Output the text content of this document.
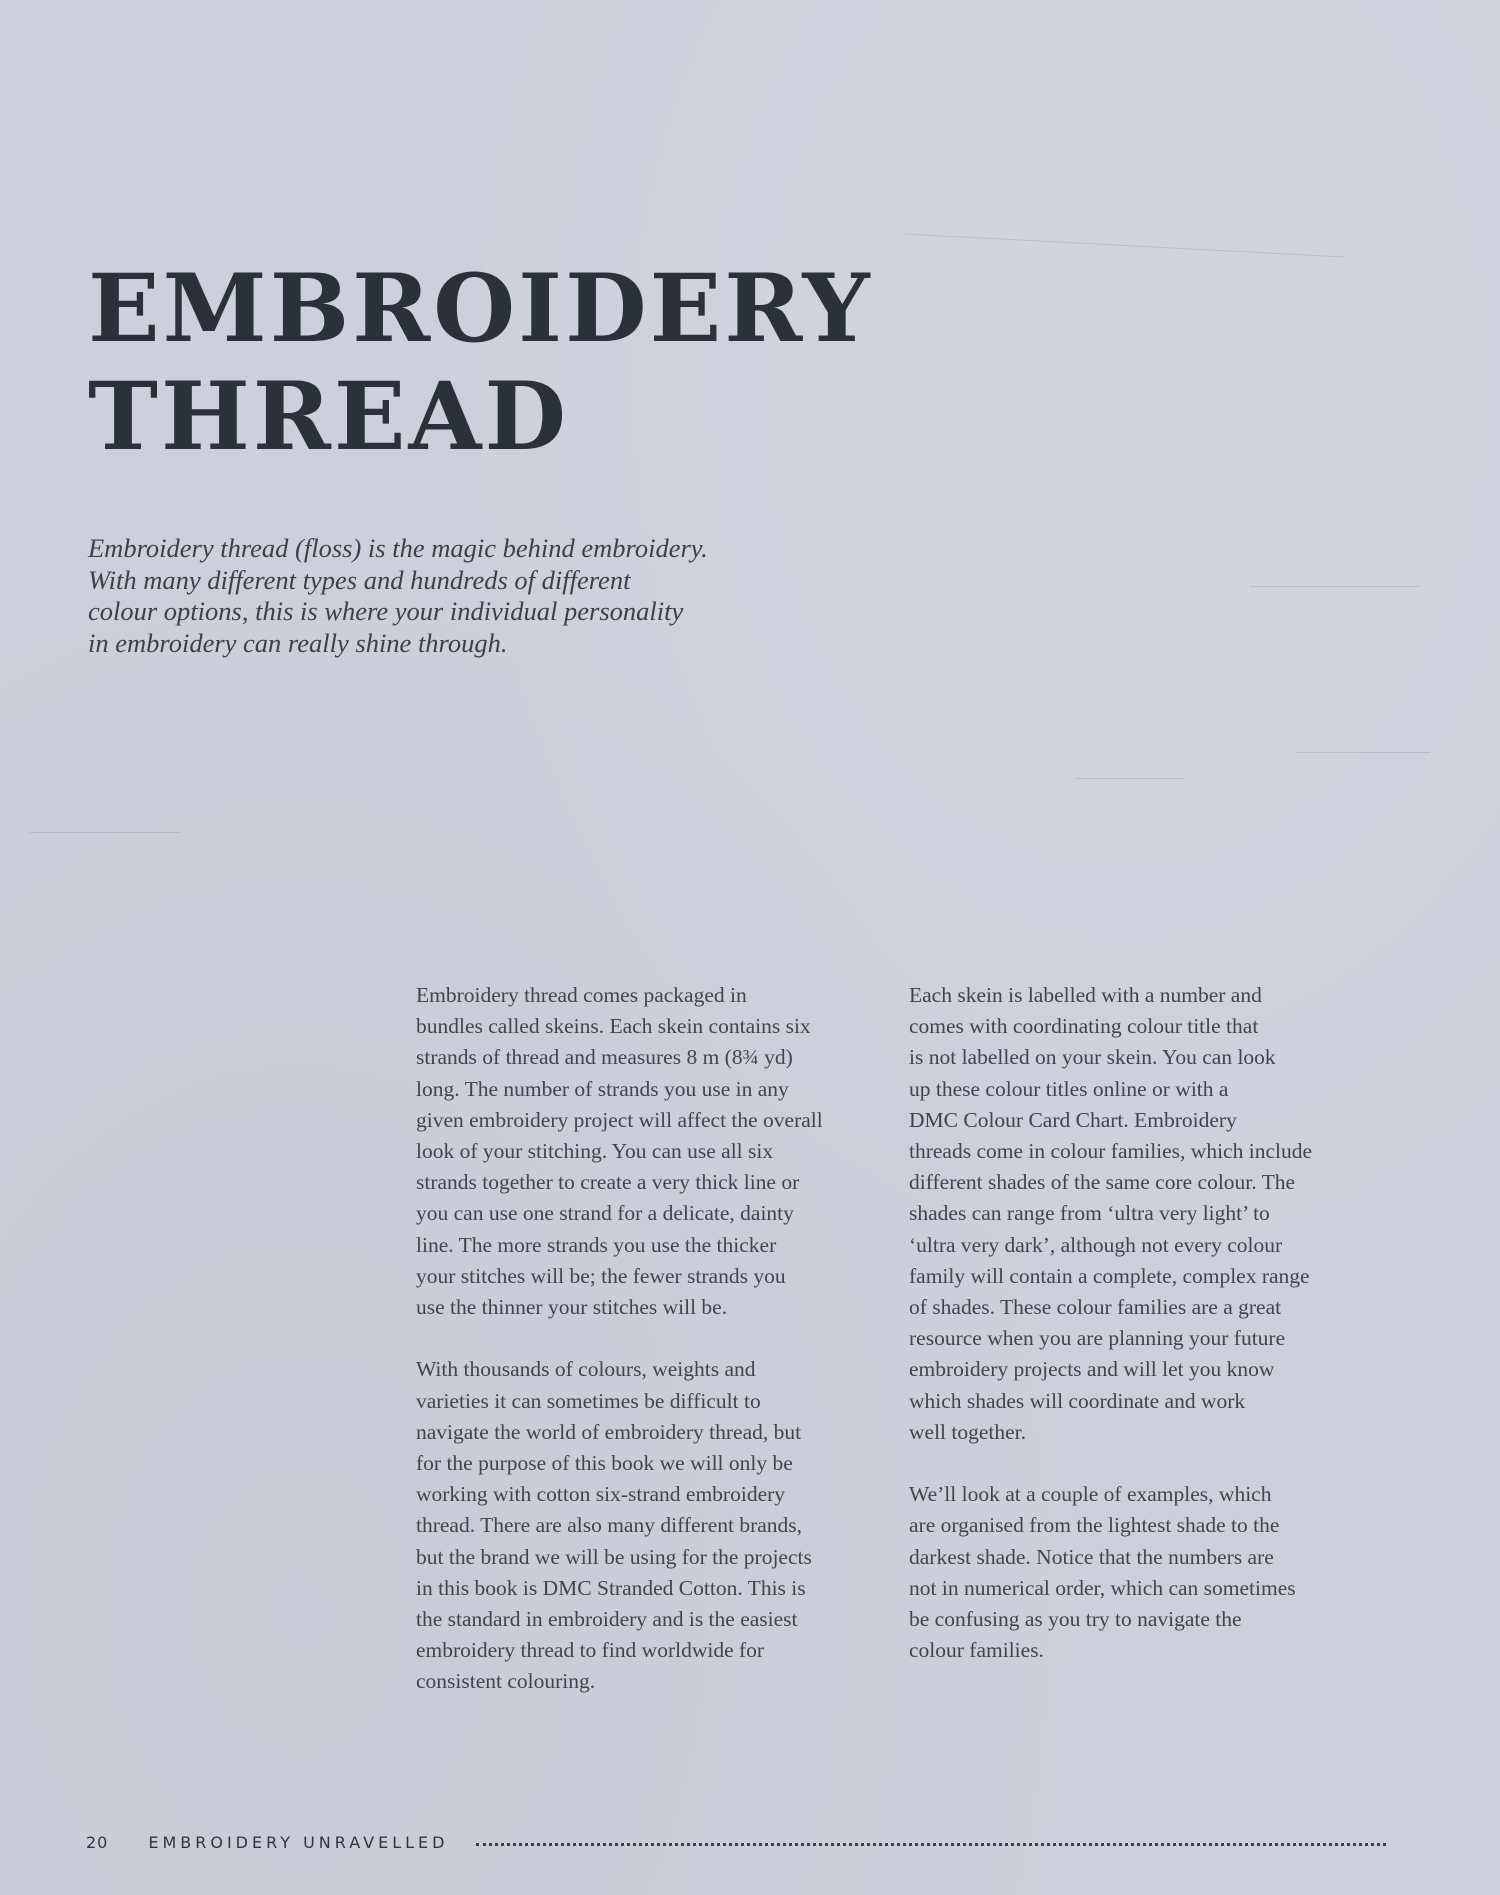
EMBROIDERY
THREAD

Embroidery thread (floss) is the magic behind embroidery.
With many different types and hundreds of different
colour options, this is where your individual personality
in embroidery can really shine through.

Embroidery thread comes packaged in
bundles called skeins. Each skein contains six
strands of thread and measures 8 m (8¾ yd)
long. The number of strands you use in any
given embroidery project will affect the overall
look of your stitching. You can use all six
strands together to create a very thick line or
you can use one strand for a delicate, dainty
line. The more strands you use the thicker
your stitches will be; the fewer strands you
use the thinner your stitches will be.

With thousands of colours, weights and
varieties it can sometimes be difficult to
navigate the world of embroidery thread, but
for the purpose of this book we will only be
working with cotton six-strand embroidery
thread. There are also many different brands,
but the brand we will be using for the projects
in this book is DMC Stranded Cotton. This is
the standard in embroidery and is the easiest
embroidery thread to find worldwide for
consistent colouring.

Each skein is labelled with a number and
comes with coordinating colour title that
is not labelled on your skein. You can look
up these colour titles online or with a
DMC Colour Card Chart. Embroidery
threads come in colour families, which include
different shades of the same core colour. The
shades can range from ‘ultra very light’ to
‘ultra very dark’, although not every colour
family will contain a complete, complex range
of shades. These colour families are a great
resource when you are planning your future
embroidery projects and will let you know
which shades will coordinate and work
well together.

We’ll look at a couple of examples, which
are organised from the lightest shade to the
darkest shade. Notice that the numbers are
not in numerical order, which can sometimes
be confusing as you try to navigate the
colour families.

20	EMBROIDERY UNRAVELLED
